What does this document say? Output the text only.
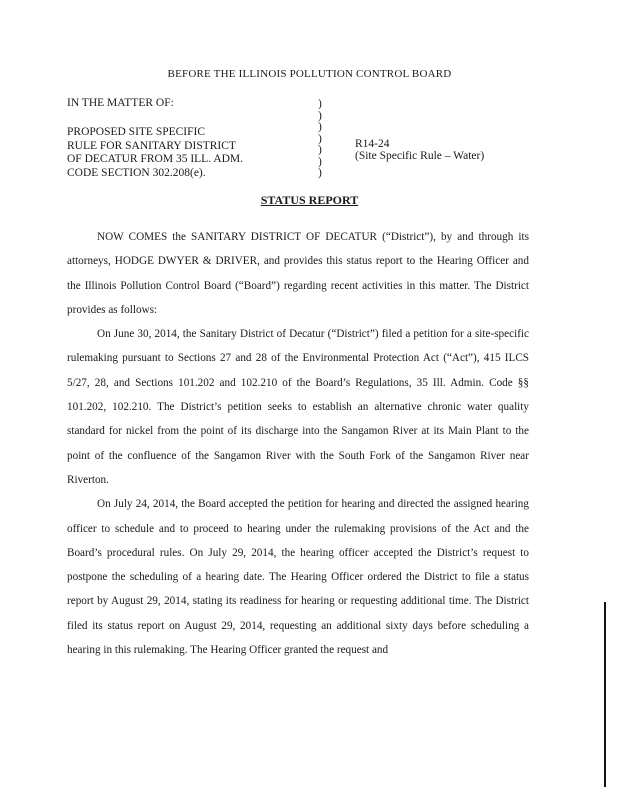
BEFORE THE ILLINOIS POLLUTION CONTROL BOARD
IN THE MATTER OF:
PROPOSED SITE SPECIFIC
RULE FOR SANITARY DISTRICT
OF DECATUR FROM 35 ILL. ADM.
CODE SECTION 302.208(e).
)
)
)
)
)
)
)
R14-24
(Site Specific Rule – Water)
STATUS REPORT

NOW COMES the SANITARY DISTRICT OF DECATUR (“District”), by and through its attorneys, HODGE DWYER & DRIVER, and provides this status report to the Hearing Officer and the Illinois Pollution Control Board (“Board”) regarding recent activities in this matter. The District provides as follows:

On June 30, 2014, the Sanitary District of Decatur (“District”) filed a petition for a site-specific rulemaking pursuant to Sections 27 and 28 of the Environmental Protection Act (“Act”), 415 ILCS 5/27, 28, and Sections 101.202 and 102.210 of the Board’s Regulations, 35 Ill. Admin. Code §§ 101.202, 102.210. The District’s petition seeks to establish an alternative chronic water quality standard for nickel from the point of its discharge into the Sangamon River at its Main Plant to the point of the confluence of the Sangamon River with the South Fork of the Sangamon River near Riverton.

On July 24, 2014, the Board accepted the petition for hearing and directed the assigned hearing officer to schedule and to proceed to hearing under the rulemaking provisions of the Act and the Board’s procedural rules. On July 29, 2014, the hearing officer accepted the District’s request to postpone the scheduling of a hearing date. The Hearing Officer ordered the District to file a status report by August 29, 2014, stating its readiness for hearing or requesting additional time. The District filed its status report on August 29, 2014, requesting an additional sixty days before scheduling a hearing in this rulemaking. The Hearing Officer granted the request and
